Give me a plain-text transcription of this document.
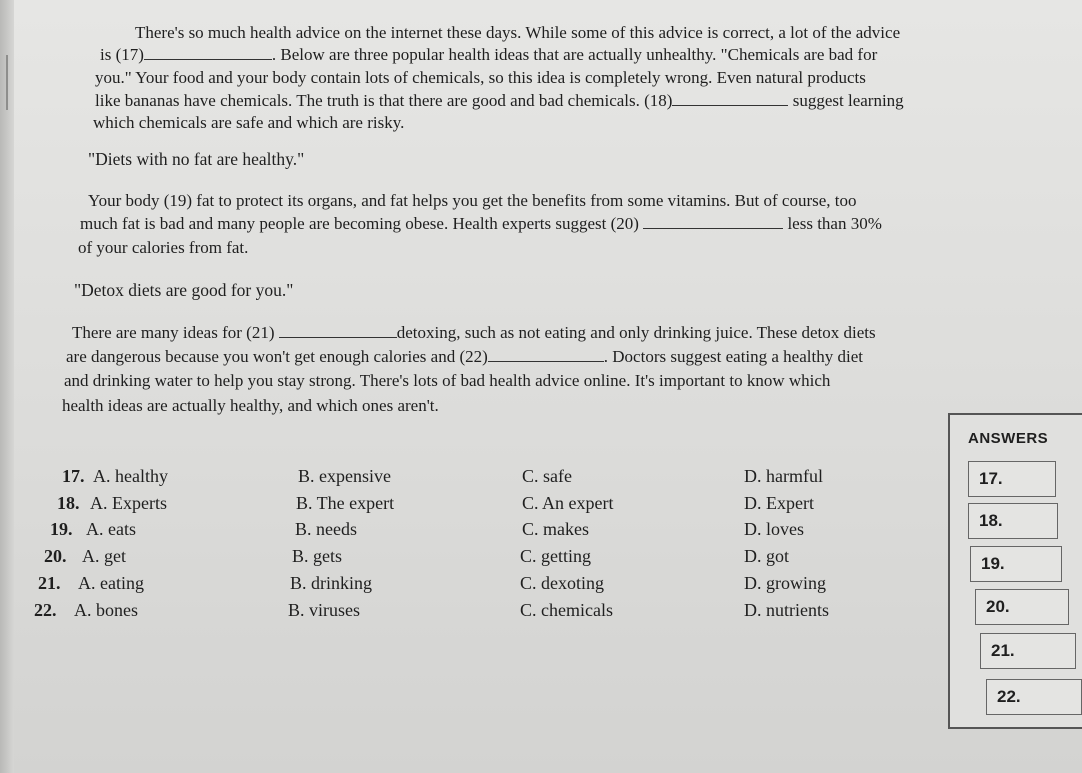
There's so much health advice on the internet these days. While some of this advice is correct, a lot of the advice

is (17)	. Below are three popular health ideas that are actually unhealthy. "Chemicals are bad for

you." Your food and your body contain lots of chemicals, so this idea is completely wrong. Even natural products

like bananas have chemicals. The truth is that there are good and bad chemicals. (18)	suggest learning

which chemicals are safe and which are risky.

"Diets with no fat are healthy."

Your body (19) fat to protect its organs, and fat helps you get the benefits from some vitamins. But of course, too

much fat is bad and many people are becoming obese. Health experts suggest (20)	less than 30%

of your calories from fat.

"Detox diets are good for you."

There are many ideas for (21)	detoxing, such as not eating and only drinking juice. These detox diets

are dangerous because you won't get enough calories and (22)	. Doctors suggest eating a healthy diet

and drinking water to help you stay strong. There's lots of bad health advice online. It's important to know which

health ideas are actually healthy, and which ones aren't.

17. A. healthy	B. expensive	C. safe	D. harmful
18. A. Experts	B. The expert	C. An expert	D. Expert
19. A. eats	B. needs	C. makes	D. loves
20. A. get	B. gets	C. getting	D. got
21. A. eating	B. drinking	C. dexoting	D. growing
22. A. bones	B. viruses	C. chemicals	D. nutrients
ANSWERS
17.
18.
19.
20.
21.
22.
